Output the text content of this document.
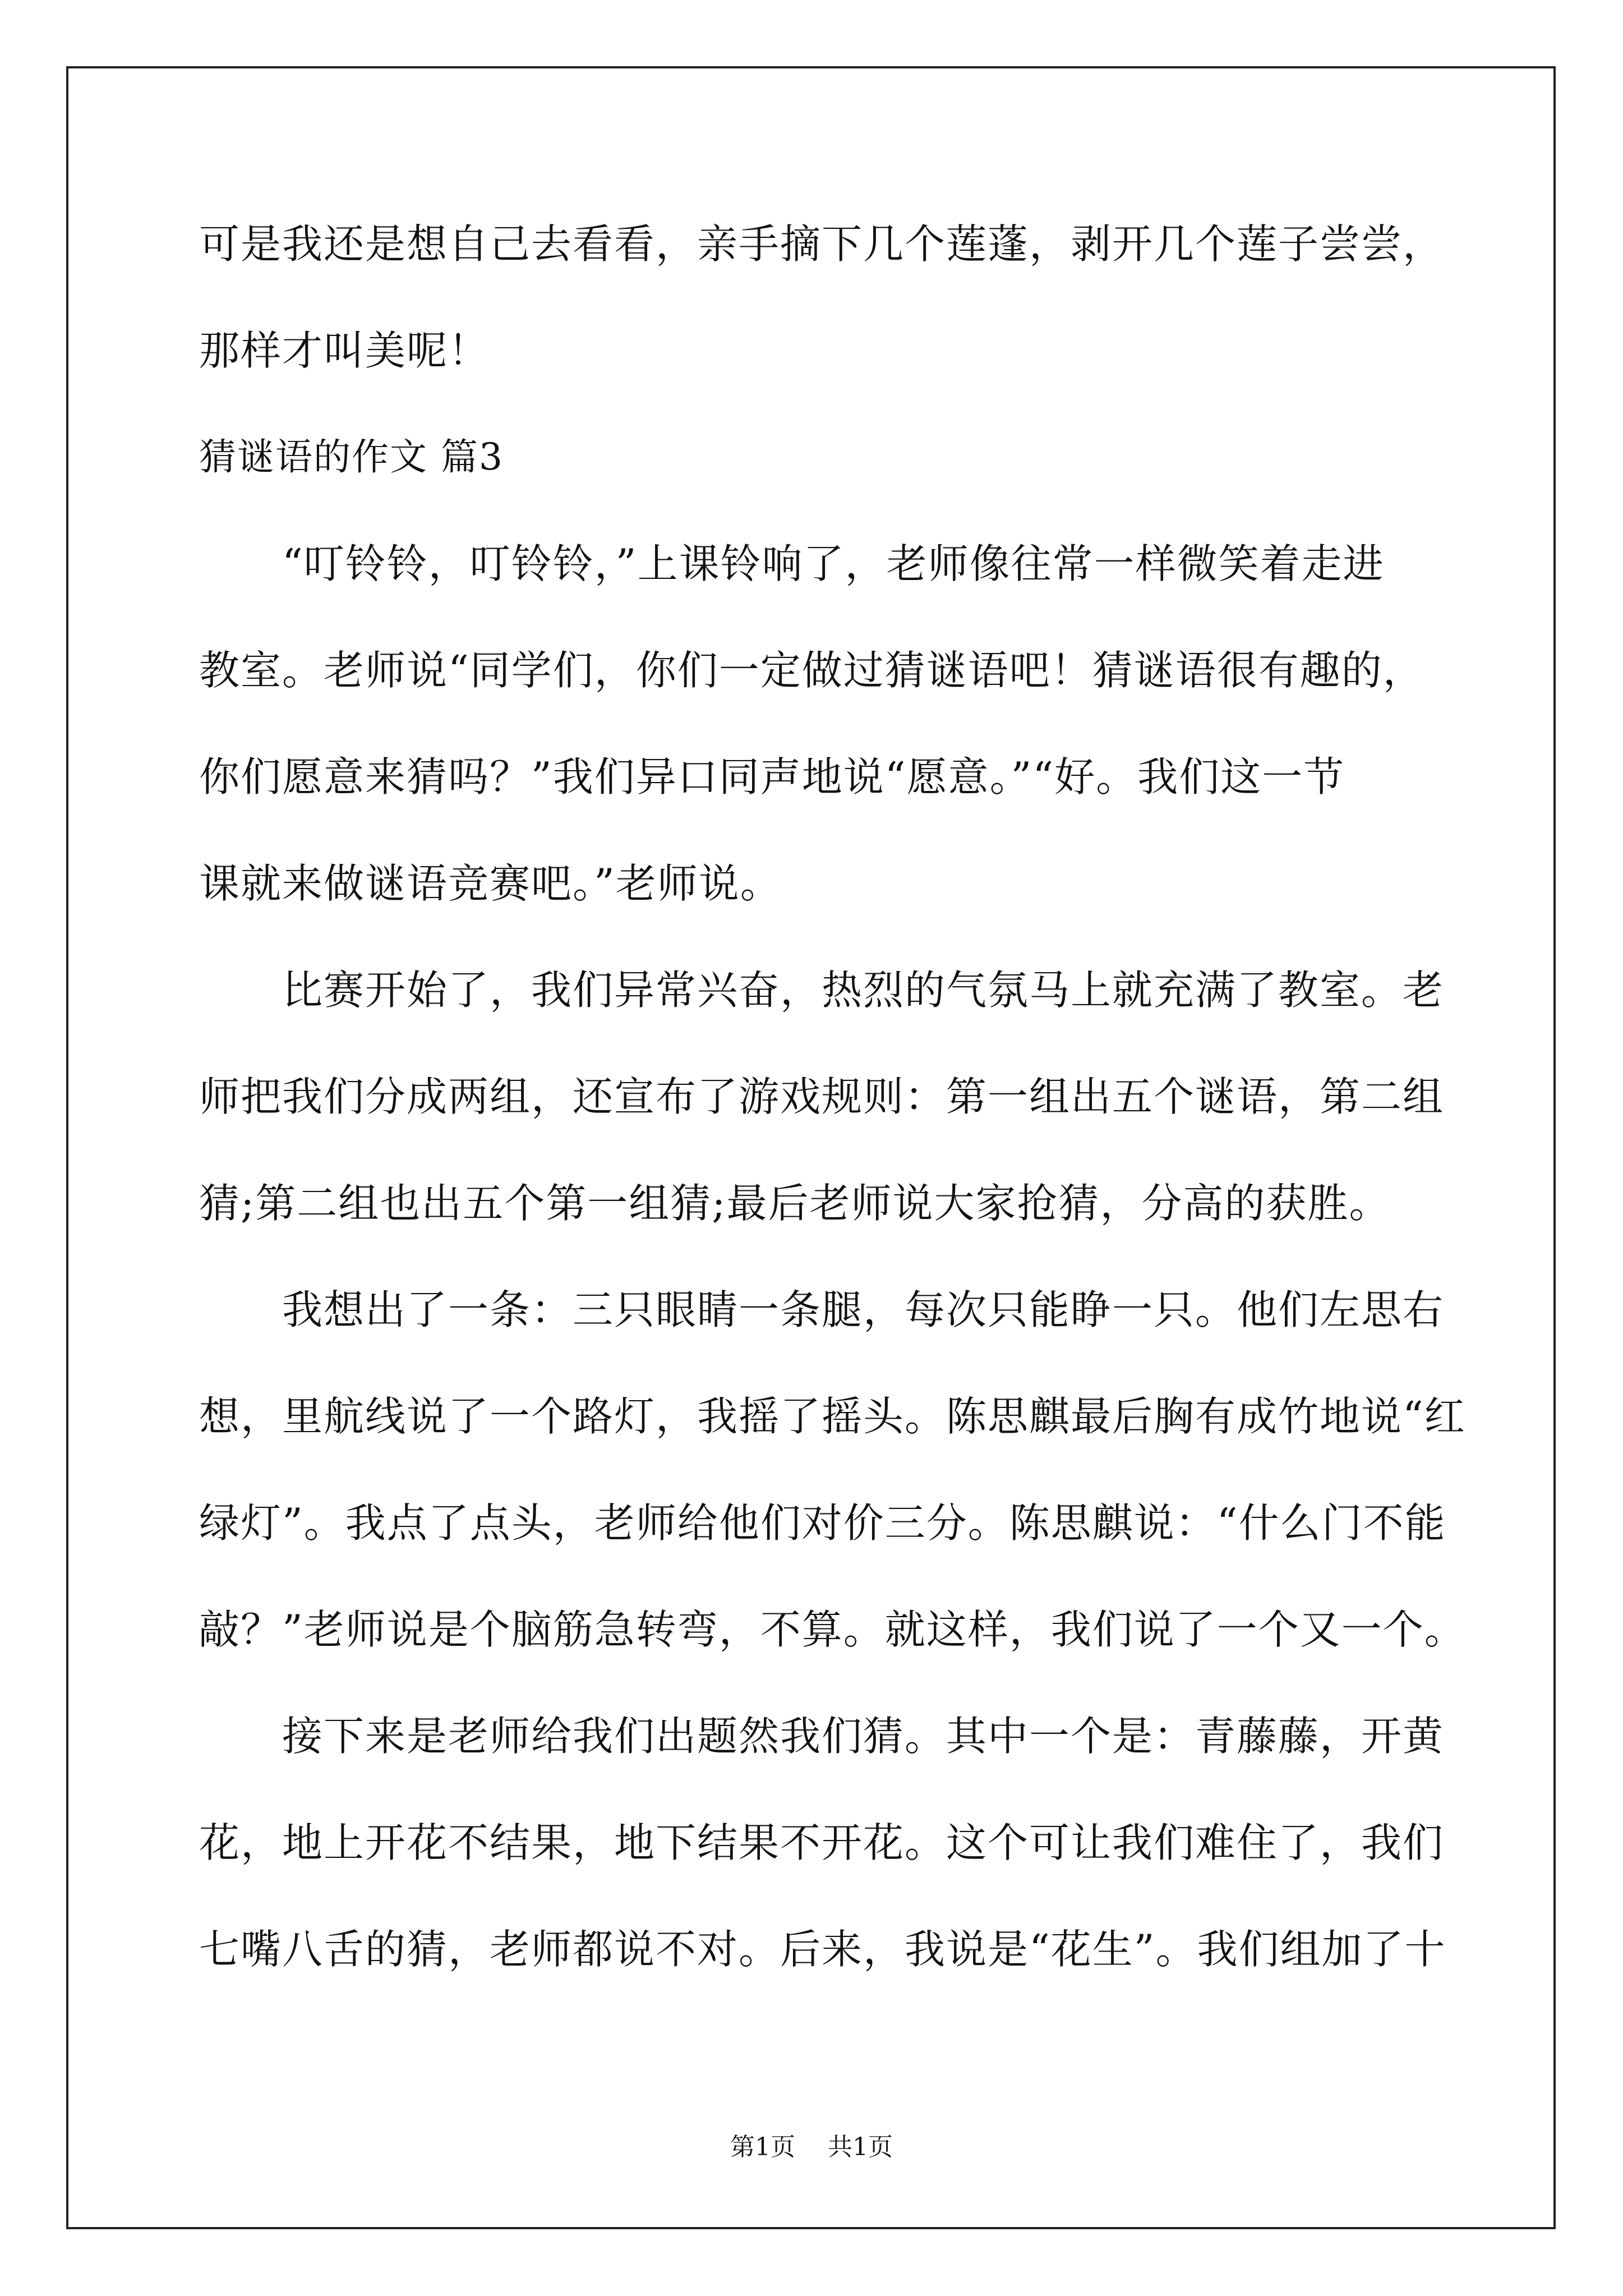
可是我还是想自己去看看，亲手摘下几个莲蓬，剥开几个莲子尝尝，
那样才叫美呢！
猜谜语的作文 篇3
“叮铃铃，叮铃铃，”上课铃响了，老师像往常一样微笑着走进
教室。老师说“同学们，你们一定做过猜谜语吧！猜谜语很有趣的，
你们愿意来猜吗？”我们异口同声地说“愿意。”“好。我们这一节
课就来做谜语竞赛吧。”老师说。
比赛开始了，我们异常兴奋，热烈的气氛马上就充满了教室。老
师把我们分成两组，还宣布了游戏规则：第一组出五个谜语，第二组
猜;第二组也出五个第一组猜;最后老师说大家抢猜，分高的获胜。
我想出了一条：三只眼睛一条腿，每次只能睁一只。他们左思右
想，里航线说了一个路灯，我摇了摇头。陈思麒最后胸有成竹地说“红
绿灯”。我点了点头，老师给他们对价三分。陈思麒说：“什么门不能
敲？”老师说是个脑筋急转弯，不算。就这样，我们说了一个又一个。
接下来是老师给我们出题然我们猜。其中一个是：青藤藤，开黄
花，地上开花不结果，地下结果不开花。这个可让我们难住了，我们
七嘴八舌的猜，老师都说不对。后来，我说是“花生”。我们组加了十
第1页 共1页
